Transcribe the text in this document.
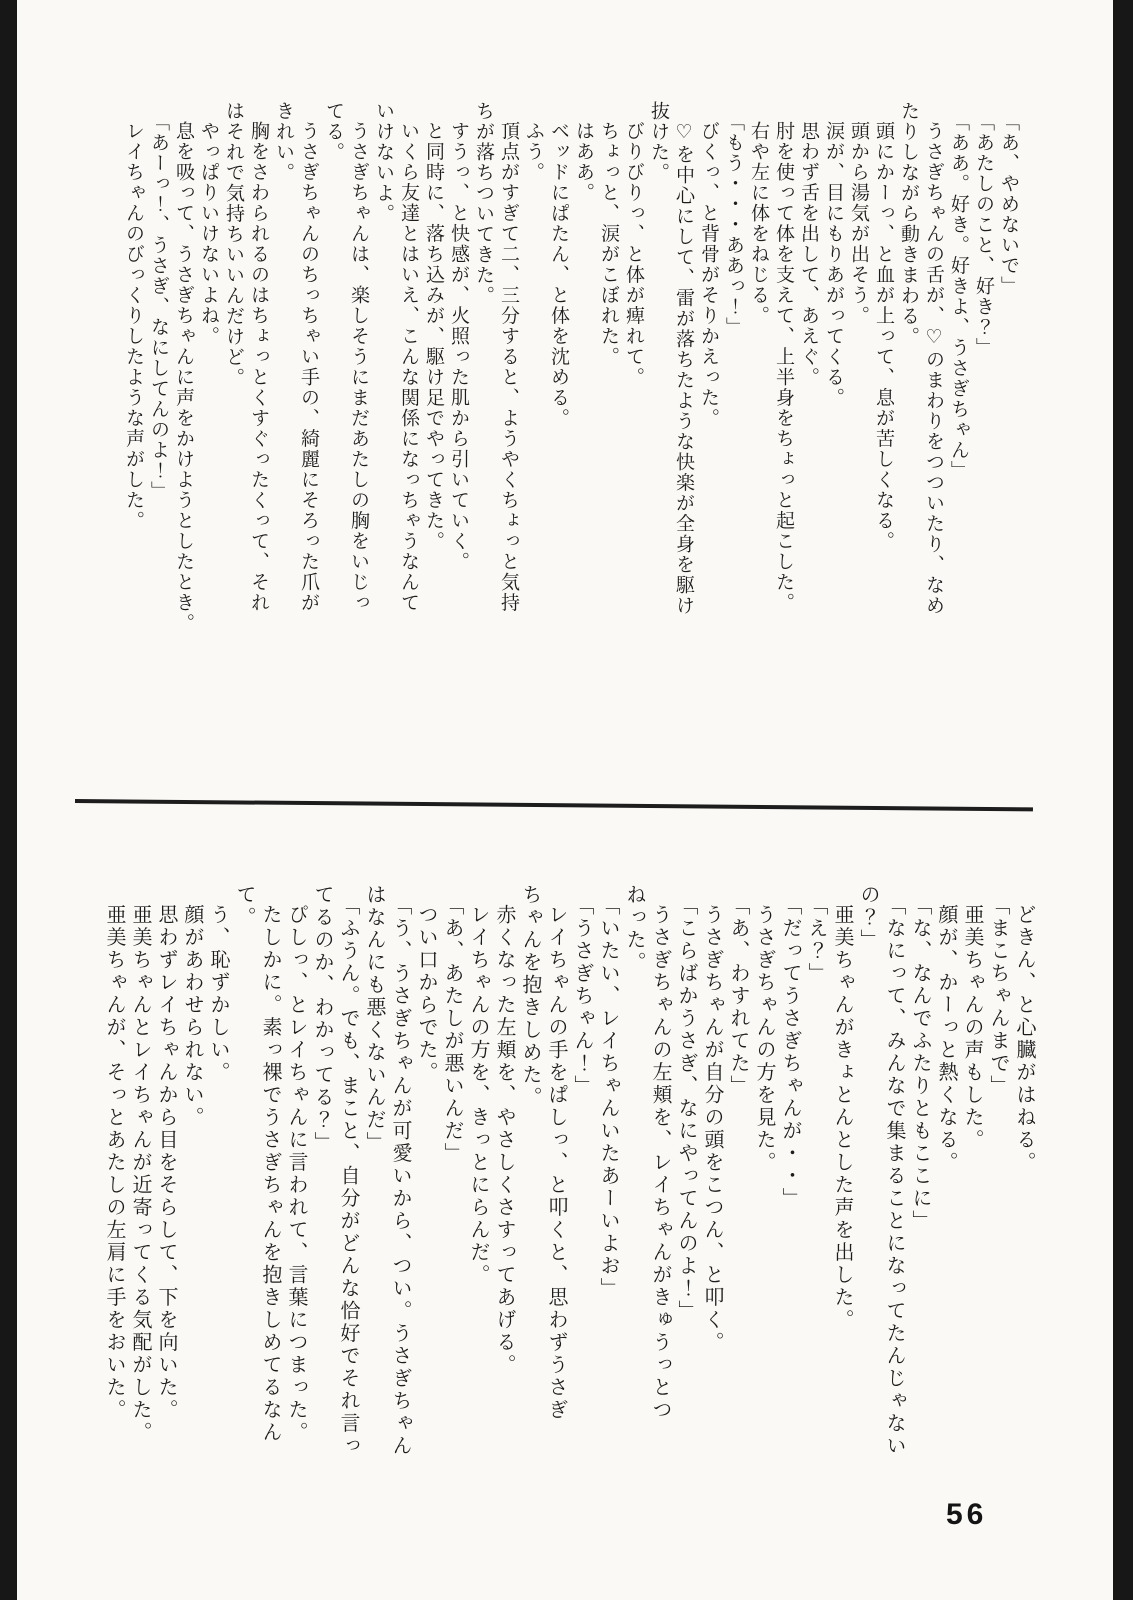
「あ、やめないで」

「あたしのこと、好き？」

「ああ。好き。好きよ、うさぎちゃん」

うさぎちゃんの舌が、♡のまわりをつついたり、なめ

たりしながら動きまわる。

頭にかーっ、と血が上って、息が苦しくなる。

頭から湯気が出そう。

涙が、目にもりあがってくる。

思わず舌を出して、あえぐ。

肘を使って体を支えて、上半身をちょっと起こした。

右や左に体をねじる。

「もう・・・ああっ！」

びくっ、と背骨がそりかえった。

♡を中心にして、雷が落ちたような快楽が全身を駆け

抜けた。

びりびりっ、と体が痺れて。

ちょっと、涙がこぼれた。

はああ。

ベッドにぱたん、と体を沈める。

ふう。

頂点がすぎて二、三分すると、ようやくちょっと気持

ちが落ちついてきた。

すうっ、と快感が、火照った肌から引いていく。

と同時に、落ち込みが、駆け足でやってきた。

いくら友達とはいえ、こんな関係になっちゃうなんて

いけないよ。

うさぎちゃんは、楽しそうにまだあたしの胸をいじっ

てる。

うさぎちゃんのちっちゃい手の、綺麗にそろった爪が

きれい。

胸をさわられるのはちょっとくすぐったくって、それ

はそれで気持ちいいんだけど。

やっぱりいけないよね。

息を吸って、うさぎちゃんに声をかけようとしたとき。

「あーっ！、うさぎ、なにしてんのよ！」

レイちゃんのびっくりしたような声がした。

どきん、と心臓がはねる。

「まこちゃんまで」

亜美ちゃんの声もした。

顔が、かーっと熱くなる。

「な、なんでふたりともここに」

「なにって、みんなで集まることになってたんじゃない

の？」

亜美ちゃんがきょとんとした声を出した。

「え？」

「だってうさぎちゃんが・・」

うさぎちゃんの方を見た。

「あ、わすれてた」

うさぎちゃんが自分の頭をこつん、と叩く。

「こらばかうさぎ、なにやってんのよ！」

うさぎちゃんの左頬を、レイちゃんがきゅうっとつ

ねった。

「いたい、レイちゃんいたあーいよお」

「うさぎちゃん！」

レイちゃんの手をぱしっ、と叩くと、思わずうさぎ

ちゃんを抱きしめた。

赤くなった左頬を、やさしくさすってあげる。

レイちゃんの方を、きっとにらんだ。

「あ、あたしが悪いんだ」

つい口からでた。

「う、うさぎちゃんが可愛いから、つい。うさぎちゃん

はなんにも悪くないんだ」

「ふうん。でも、まこと、自分がどんな恰好でそれ言っ

てるのか、わかってる？」

ぴしっ、とレイちゃんに言われて、言葉につまった。

たしかに。素っ裸でうさぎちゃんを抱きしめてるなん

て。

う、恥ずかしい。

顔があわせられない。

思わずレイちゃんから目をそらして、下を向いた。

亜美ちゃんとレイちゃんが近寄ってくる気配がした。

亜美ちゃんが、そっとあたしの左肩に手をおいた。

56
